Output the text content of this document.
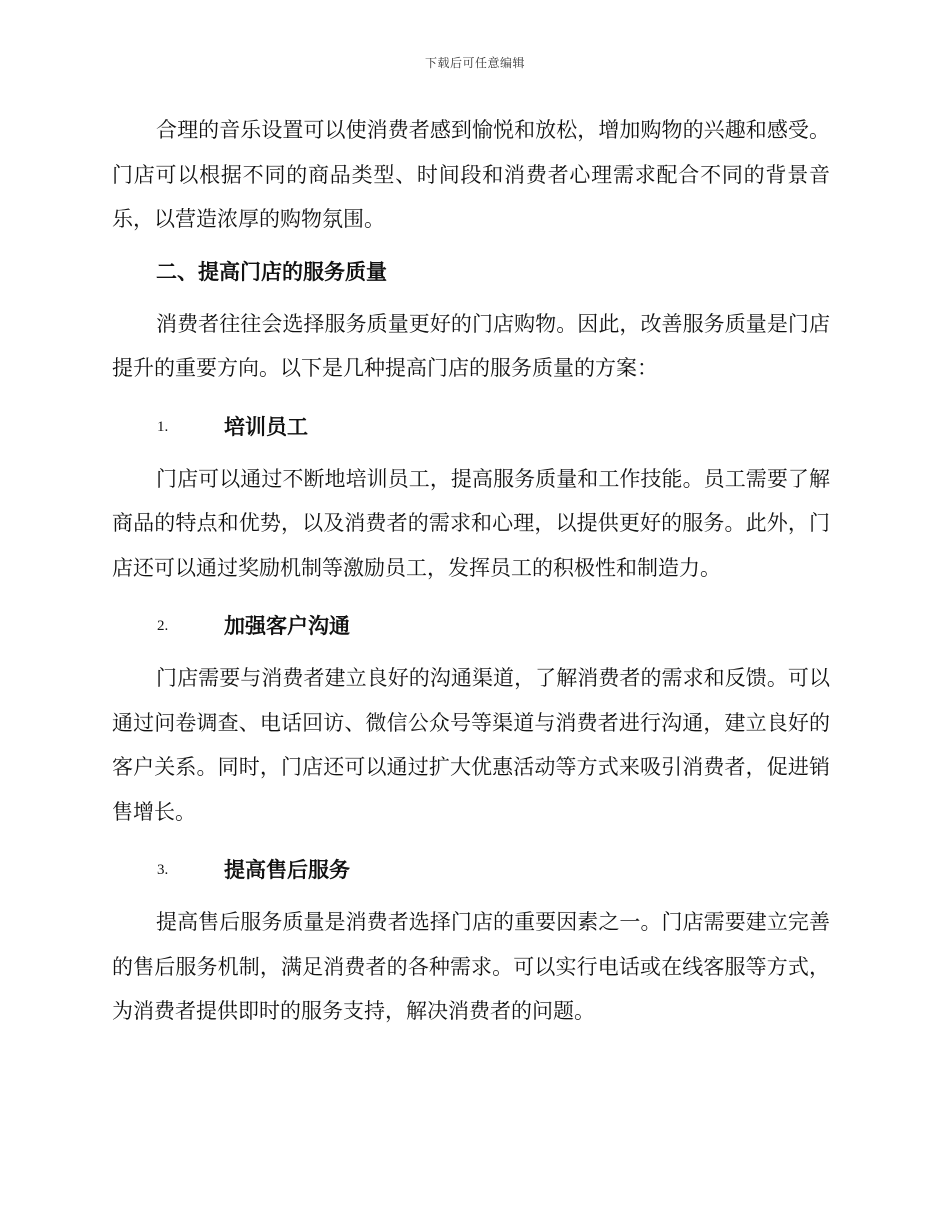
下载后可任意编辑

合理的音乐设置可以使消费者感到愉悦和放松，增加购物的兴趣和感受。门店可以根据不同的商品类型、时间段和消费者心理需求配合不同的背景音乐，以营造浓厚的购物氛围。

二、提高门店的服务质量

消费者往往会选择服务质量更好的门店购物。因此，改善服务质量是门店提升的重要方向。以下是几种提高门店的服务质量的方案：

1.	培训员工

门店可以通过不断地培训员工，提高服务质量和工作技能。员工需要了解商品的特点和优势，以及消费者的需求和心理，以提供更好的服务。此外，门店还可以通过奖励机制等激励员工，发挥员工的积极性和制造力。

2.	加强客户沟通

门店需要与消费者建立良好的沟通渠道，了解消费者的需求和反馈。可以通过问卷调查、电话回访、微信公众号等渠道与消费者进行沟通，建立良好的客户关系。同时，门店还可以通过扩大优惠活动等方式来吸引消费者，促进销售增长。

3.	提高售后服务

提高售后服务质量是消费者选择门店的重要因素之一。门店需要建立完善的售后服务机制，满足消费者的各种需求。可以实行电话或在线客服等方式，为消费者提供即时的服务支持，解决消费者的问题。
